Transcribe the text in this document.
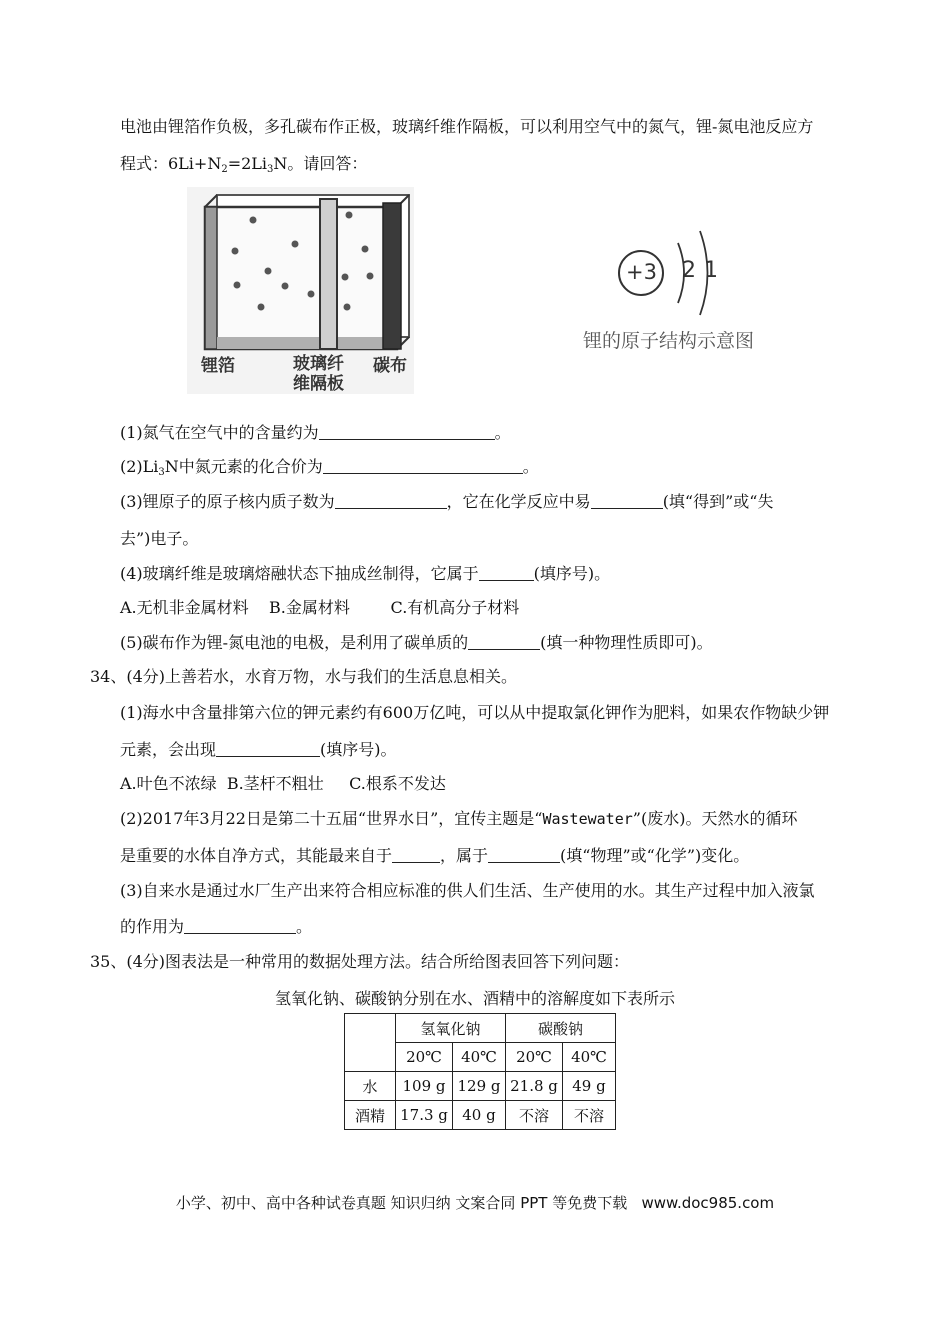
电池由锂箔作负极，多孔碳布作正极，玻璃纤维作隔板，可以利用空气中的氮气，锂-氮电池反应方
程式：$6Li+N_2=2Li_3N$。请回答：
锂箔	玻璃纤
维隔板
碳布
+3 2 1
锂的原子结构示意图
(1)氮气在空气中的含量约为	。
$(2)Li_3N$中氮元素的化合价为	。
(3)锂原子的原子核内质子数为	，它在化学反应中易	(填“得到”或“失
去”)电子。
(4)玻璃纤维是玻璃熔融状态下抽成丝制得，它属于	(填序号)。
A.无机非金属材料    B.金属材料        C.有机高分子材料
(5)碳布作为锂-氮电池的电极，是利用了碳单质的	(填一种物理性质即可)。
34、(4分)上善若水，水育万物，水与我们的生活息息相关。
(1)海水中含量排第六位的钾元素约有600万亿吨，可以从中提取氯化钾作为肥料，如果农作物缺少钾
元素，会出现	(填序号)。
A.叶色不浓绿  B.茎杆不粗壮     C.根系不发达
(2)2017年3月22日是第二十五届“世界水日”，宜传主题是“Wastewater”(废水)。天然水的循环
是重要的水体自净方式，其能最来自于	，属于	(填“物理”或“化学”)变化。
(3)自来水是通过水厂生产出来符合相应标准的供人们生活、生产使用的水。其生产过程中加入液氯
的作用为	。
35、(4分)图表法是一种常用的数据处理方法。结合所给图表回答下列问题：
氢氧化钠、碳酸钠分别在水、酒精中的溶解度如下表所示
	氢氧化钠		碳酸钠	
	20℃	40℃	20℃	40℃
水	109 g	129 g	21.8 g	49 g
酒精	17.3 g	40 g	不溶	不溶
小学、初中、高中各种试卷真题 知识归纳 文案合同 PPT 等免费下载   www.doc985.com
